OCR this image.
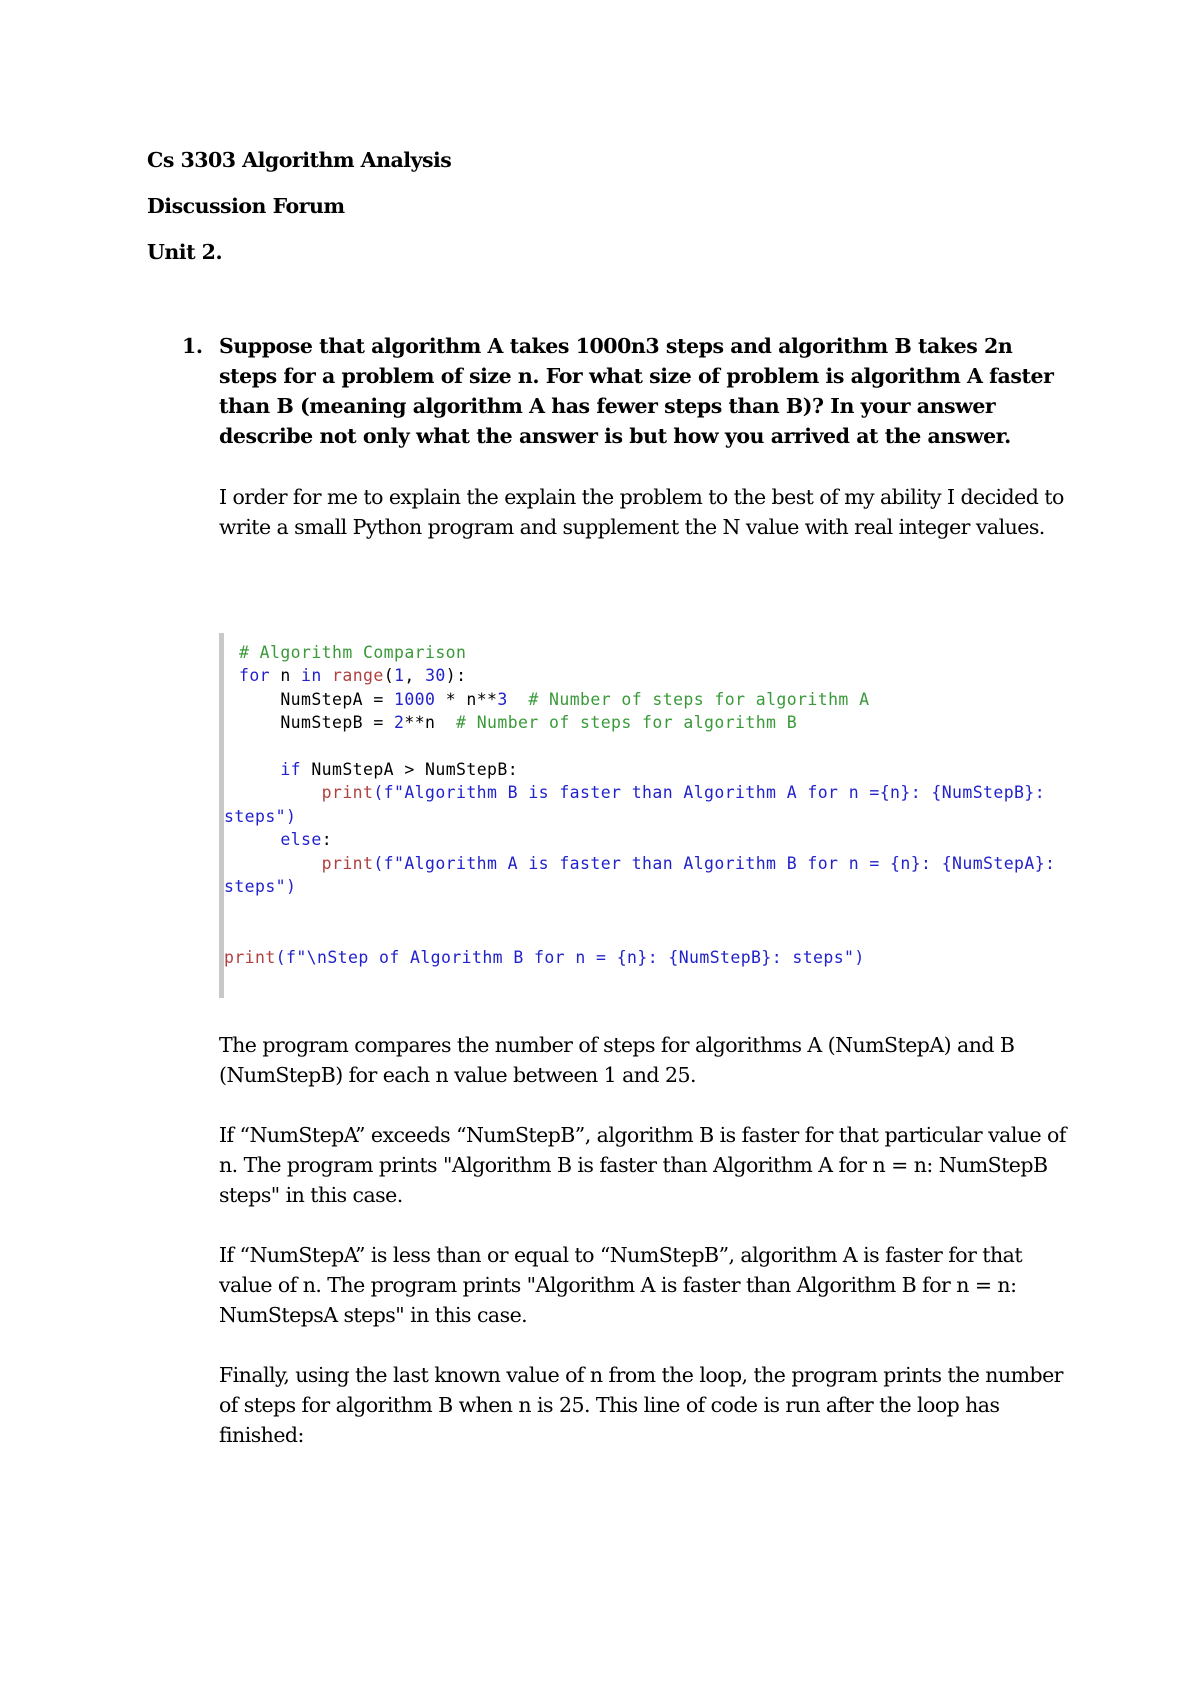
Cs 3303 Algorithm Analysis
Discussion Forum
Unit 2.
1. Suppose that algorithm A takes 1000n3 steps and algorithm B takes 2n steps for a problem of size n. For what size of problem is algorithm A faster than B (meaning algorithm A has fewer steps than B)? In your answer describe not only what the answer is but how you arrived at the answer.

I order for me to explain the explain the problem to the best of my ability I decided to write a small Python program and supplement the N value with real integer values.

# Algorithm Comparison
for n in range(1, 30):
NumStepA = 1000 * n**3 # Number of steps for algorithm A
NumStepB = 2**n  # Number of steps for algorithm B
if NumStepA > NumStepB:
print(f"Algorithm B is faster than Algorithm A for n ={n}: {NumStepB}:
steps")
else:
print(f"Algorithm A is faster than Algorithm B for n = {n}: {NumStepA}:
steps")
print(f"\nStep of Algorithm B for n = {n}: {NumStepB}: steps")

The program compares the number of steps for algorithms A (NumStepA) and B (NumStepB) for each n value between 1 and 25.

If “NumStepA” exceeds “NumStepB”, algorithm B is faster for that particular value of n. The program prints "Algorithm B is faster than Algorithm A for n = n: NumStepB steps" in this case.

If “NumStepA” is less than or equal to “NumStepB”, algorithm A is faster for that value of n. The program prints "Algorithm A is faster than Algorithm B for n = n: NumStepsA steps" in this case.

Finally, using the last known value of n from the loop, the program prints the number of steps for algorithm B when n is 25. This line of code is run after the loop has finished:
